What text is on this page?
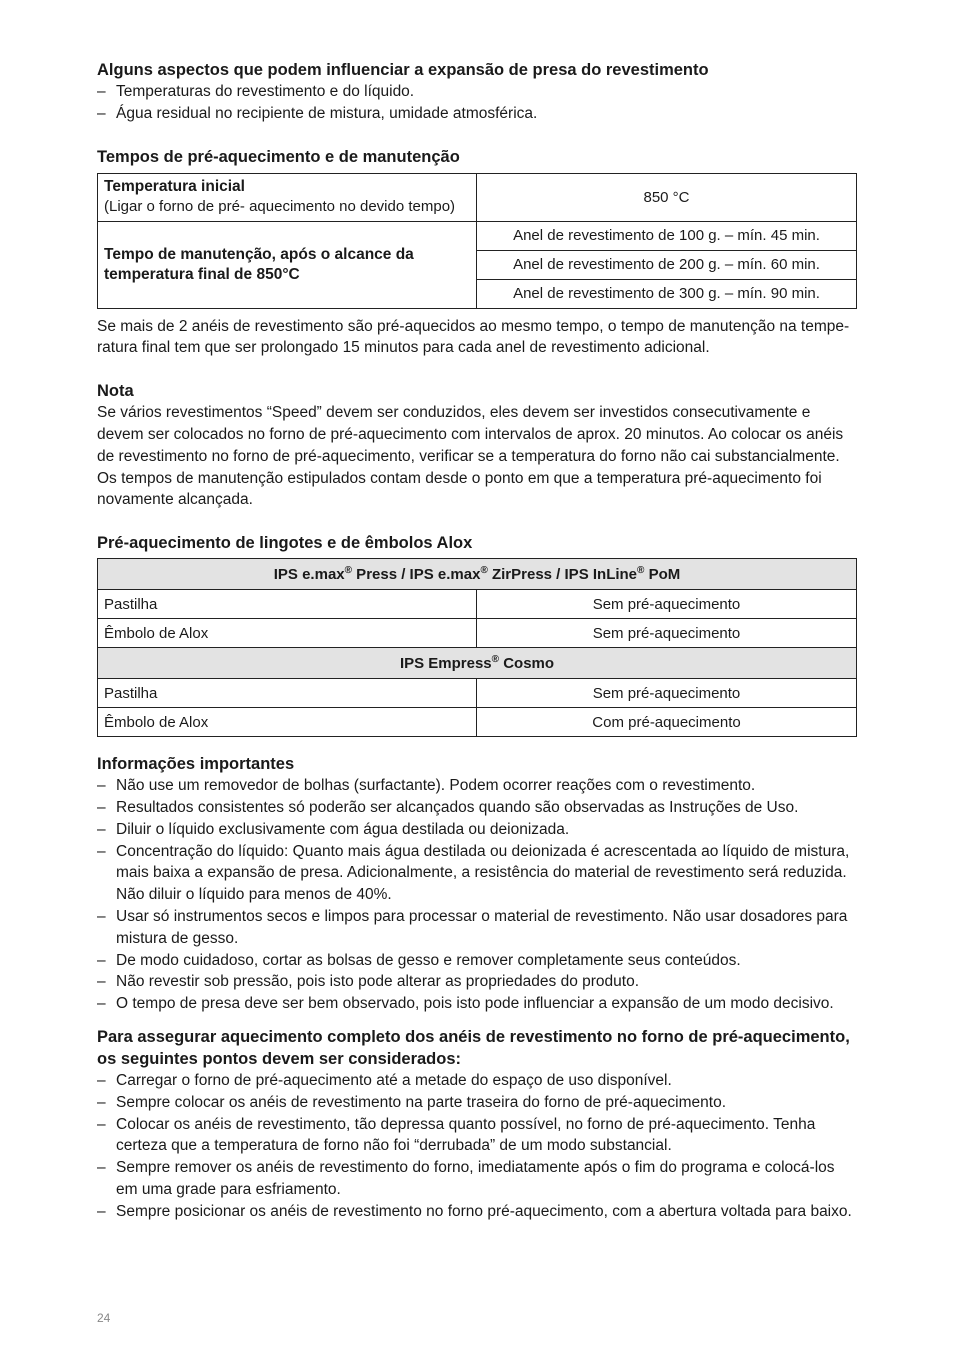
Alguns aspectos que podem influenciar a expansão de presa do revestimento

– Temperaturas do revestimento e do líquido.
– Água residual no recipiente de mistura, umidade atmosférica.

Tempos de pré-aquecimento e de manutenção

Temperatura inicial
(Ligar o forno de pré- aquecimento no devido tempo)	850 °C
Tempo de manutenção, após o alcance da temperatura final de 850°C	Anel de revestimento de 100 g. – mín. 45 min.
	Anel de revestimento de 200 g. – mín. 60 min.
	Anel de revestimento de 300 g. – mín. 90 min.

Se mais de 2 anéis de revestimento são pré-aquecidos ao mesmo tempo, o tempo de manutenção na tempe-

ratura final tem que ser prolongado 15 minutos para cada anel de revestimento adicional.

Nota

Se vários revestimentos “Speed” devem ser conduzidos, eles devem ser investidos consecutivamente e devem ser colocados no forno de pré-aquecimento com intervalos de aprox. 20 minutos. Ao colocar os anéis de revestimento no forno de pré-aquecimento, verificar se a temperatura do forno não cai substancialmente. Os tempos de manutenção estipulados contam desde o ponto em que a temperatura pré-aquecimento foi novamente alcançada.

Pré-aquecimento de lingotes e de êmbolos Alox

IPS e.max® Press / IPS e.max® ZirPress / IPS InLine® PoM	
Pastilha	Sem pré-aquecimento
Êmbolo de Alox	Sem pré-aquecimento
IPS Empress® Cosmo	
Pastilha	Sem pré-aquecimento
Êmbolo de Alox	Com pré-aquecimento

Informações importantes

– Não use um removedor de bolhas (surfactante). Podem ocorrer reações com o revestimento.
– Resultados consistentes só poderão ser alcançados quando são observadas as Instruções de Uso.
– Diluir o líquido exclusivamente com água destilada ou deionizada.
– Concentração do líquido: Quanto mais água destilada ou deionizada é acrescentada ao líquido de mistura, mais baixa a expansão de presa. Adicionalmente, a resistência do material de revestimento será reduzida. Não diluir o líquido para menos de 40%.
– Usar só instrumentos secos e limpos para processar o material de revestimento. Não usar dosadores para mistura de gesso.
– De modo cuidadoso, cortar as bolsas de gesso e remover completamente seus conteúdos.
– Não revestir sob pressão, pois isto pode alterar as propriedades do produto.
– O tempo de presa deve ser bem observado, pois isto pode influenciar a expansão de um modo decisivo.

Para assegurar aquecimento completo dos anéis de revestimento no forno de pré-aquecimento, os seguintes pontos devem ser considerados:

– Carregar o forno de pré-aquecimento até a metade do espaço de uso disponível.
– Sempre colocar os anéis de revestimento na parte traseira do forno de pré-aquecimento.
– Colocar os anéis de revestimento, tão depressa quanto possível, no forno de pré-aquecimento. Tenha certeza que a temperatura de forno não foi “derrubada” de um modo substancial.
– Sempre remover os anéis de revestimento do forno, imediatamente após o fim do programa e colocá-los em uma grade para esfriamento.
– Sempre posicionar os anéis de revestimento no forno pré-aquecimento, com a abertura voltada para baixo.
24
